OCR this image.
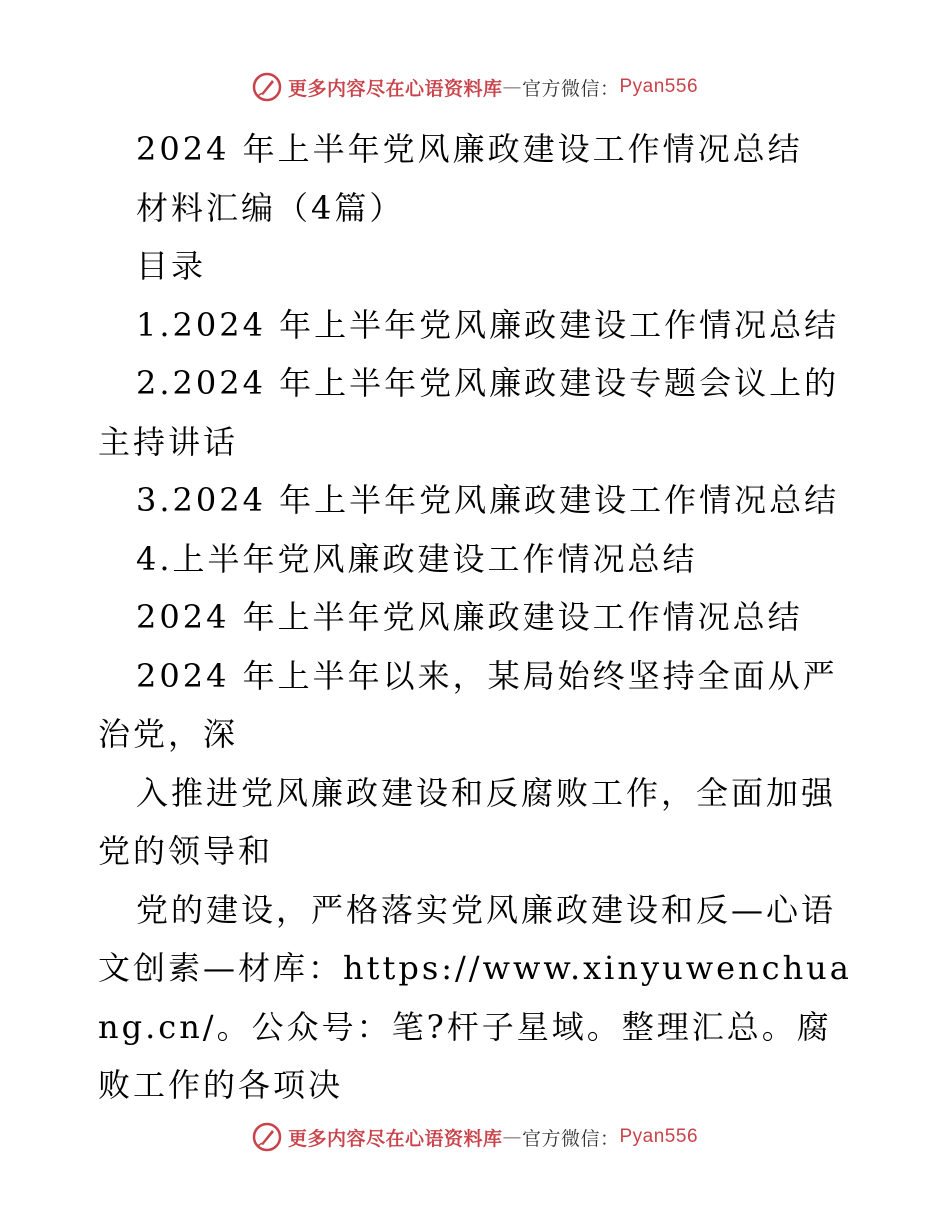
更多内容尽在心语资料库 — 官方微信： Pyan556

2024 年上半年党风廉政建设工作情况总结

材料汇编（4篇）

目录

1.2024 年上半年党风廉政建设工作情况总结

2.2024 年上半年党风廉政建设专题会议上的主持讲话

3.2024 年上半年党风廉政建设工作情况总结

4.上半年党风廉政建设工作情况总结

2024 年上半年党风廉政建设工作情况总结

2024 年上半年以来，某局始终坚持全面从严治党，深

入推进党风廉政建设和反腐败工作，全面加强党的领导和

党的建设，严格落实党风廉政建设和反—心语文创素—材库：https://www.xinyuwenchuang.cn/。公众号：笔?杆子星域。整理汇总。腐败工作的各项决

更多内容尽在心语资料库 — 官方微信： Pyan556
